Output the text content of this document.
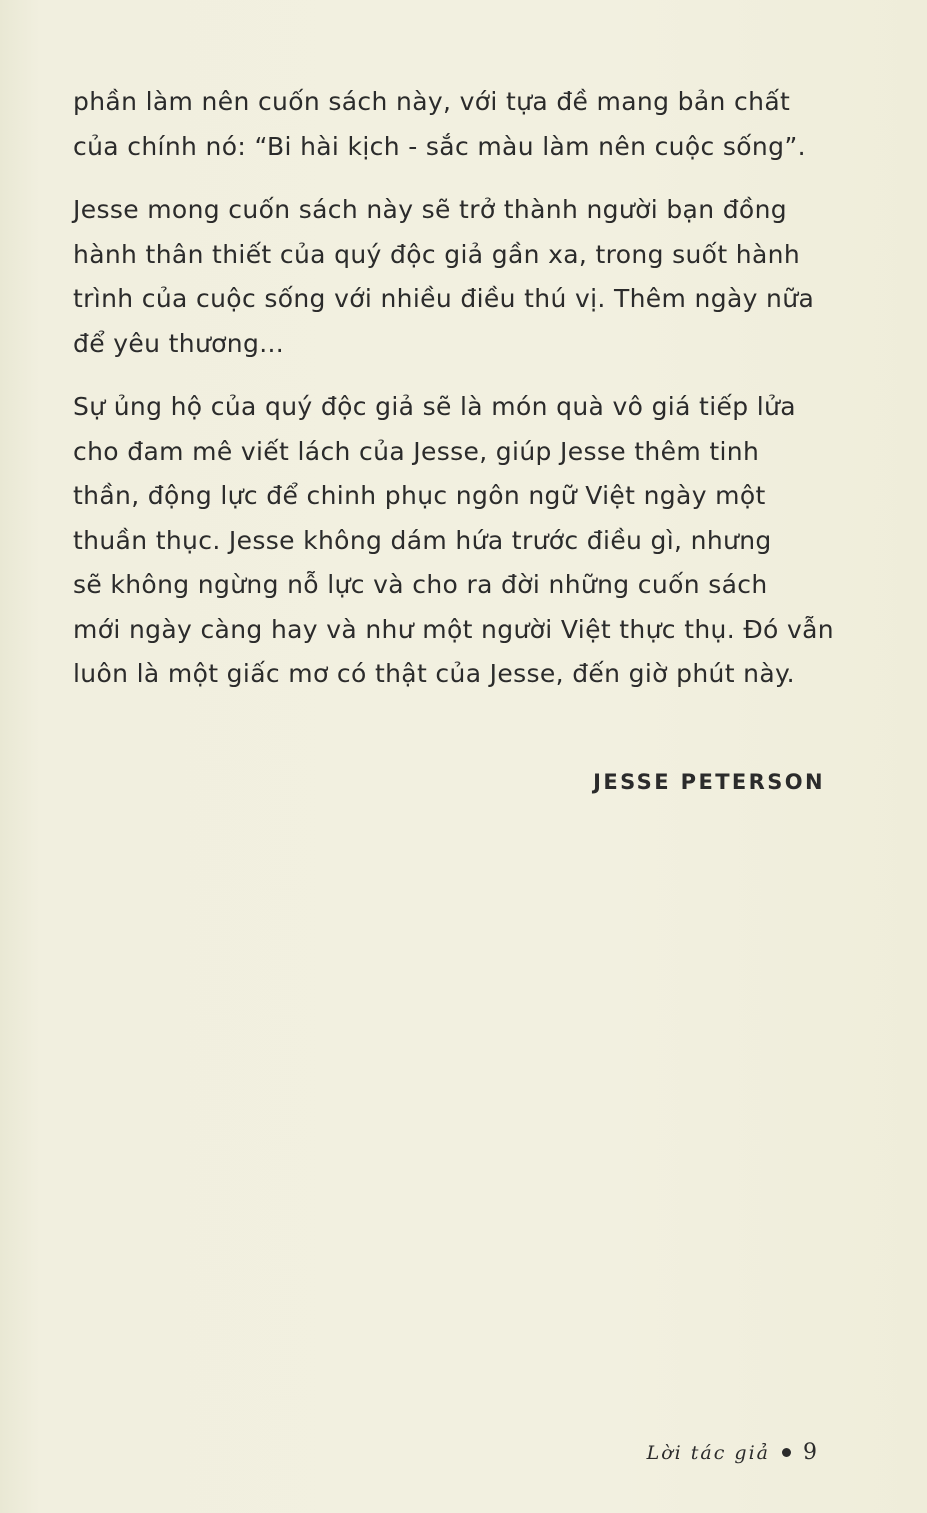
phần làm nên cuốn sách này, với tựa đề mang bản chất
của chính nó: “Bi hài kịch - sắc màu làm nên cuộc sống”.

Jesse mong cuốn sách này sẽ trở thành người bạn đồng
hành thân thiết của quý độc giả gần xa, trong suốt hành
trình của cuộc sống với nhiều điều thú vị. Thêm ngày nữa
để yêu thương...

Sự ủng hộ của quý độc giả sẽ là món quà vô giá tiếp lửa
cho đam mê viết lách của Jesse, giúp Jesse thêm tinh
thần, động lực để chinh phục ngôn ngữ Việt ngày một
thuần thục. Jesse không dám hứa trước điều gì, nhưng
sẽ không ngừng nỗ lực và cho ra đời những cuốn sách
mới ngày càng hay và như một người Việt thực thụ. Đó vẫn
luôn là một giấc mơ có thật của Jesse, đến giờ phút này.

JESSE PETERSON
Lời tác giả 9
